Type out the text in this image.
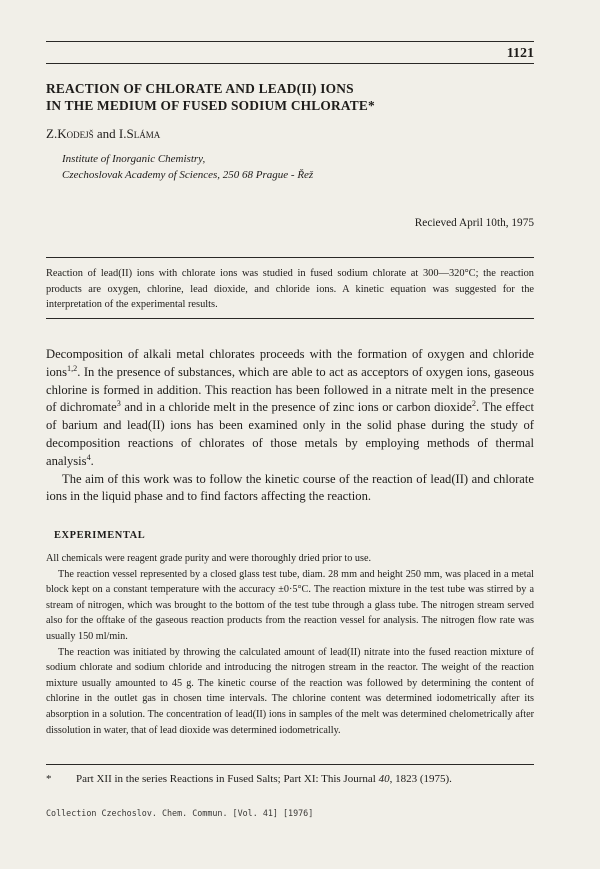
1121
REACTION OF CHLORATE AND LEAD(II) IONS
IN THE MEDIUM OF FUSED SODIUM CHLORATE*
Z.Kodejš and I.Sláma
Institute of Inorganic Chemistry,
Czechoslovak Academy of Sciences, 250 68 Prague - Řež
Recieved April 10th, 1975
Reaction of lead(II) ions with chlorate ions was studied in fused sodium chlorate at 300—320°C; the reaction products are oxygen, chlorine, lead dioxide, and chloride ions. A kinetic equation was suggested for the interpretation of the experimental results.

Decomposition of alkali metal chlorates proceeds with the formation of oxygen and chloride ions$^{1,2}$. In the presence of substances, which are able to act as acceptors of oxygen ions, gaseous chlorine is formed in addition. This reaction has been followed in a nitrate melt in the presence of dichromate$^3$ and in a chloride melt in the presence of zinc ions or carbon dioxide$^2$. The effect of barium and lead(II) ions has been examined only in the solid phase during the study of decomposition reactions of chlorates of those metals by employing methods of thermal analysis$^4$.

The aim of this work was to follow the kinetic course of the reaction of lead(II) and chlorate ions in the liquid phase and to find factors affecting the reaction.

EXPERIMENTAL

All chemicals were reagent grade purity and were thoroughly dried prior to use.

The reaction vessel represented by a closed glass test tube, diam. 28 mm and height 250 mm, was placed in a metal block kept on a constant temperature with the accuracy ±0·5°C. The reaction mixture in the test tube was stirred by a stream of nitrogen, which was brought to the bottom of the test tube through a glass tube. The nitrogen stream served also for the offtake of the gaseous reaction products from the reaction vessel for analysis. The nitrogen flow rate was usually 150 ml/min.

The reaction was initiated by throwing the calculated amount of lead(II) nitrate into the fused reaction mixture of sodium chlorate and sodium chloride and introducing the nitrogen stream in the reactor. The weight of the reaction mixture usually amounted to 45 g. The kinetic course of the reaction was followed by determining the content of chlorine in the outlet gas in chosen time intervals. The chlorine content was determined iodometrically after its absorption in a solution. The concentration of lead(II) ions in samples of the melt was determined chelometrically after dissolution in water, that of lead dioxide was determined iodometrically.

* Part XII in the series Reactions in Fused Salts; Part XI: This Journal 40, 1823 (1975).
Collection Czechoslov. Chem. Commun. [Vol. 41] [1976]
